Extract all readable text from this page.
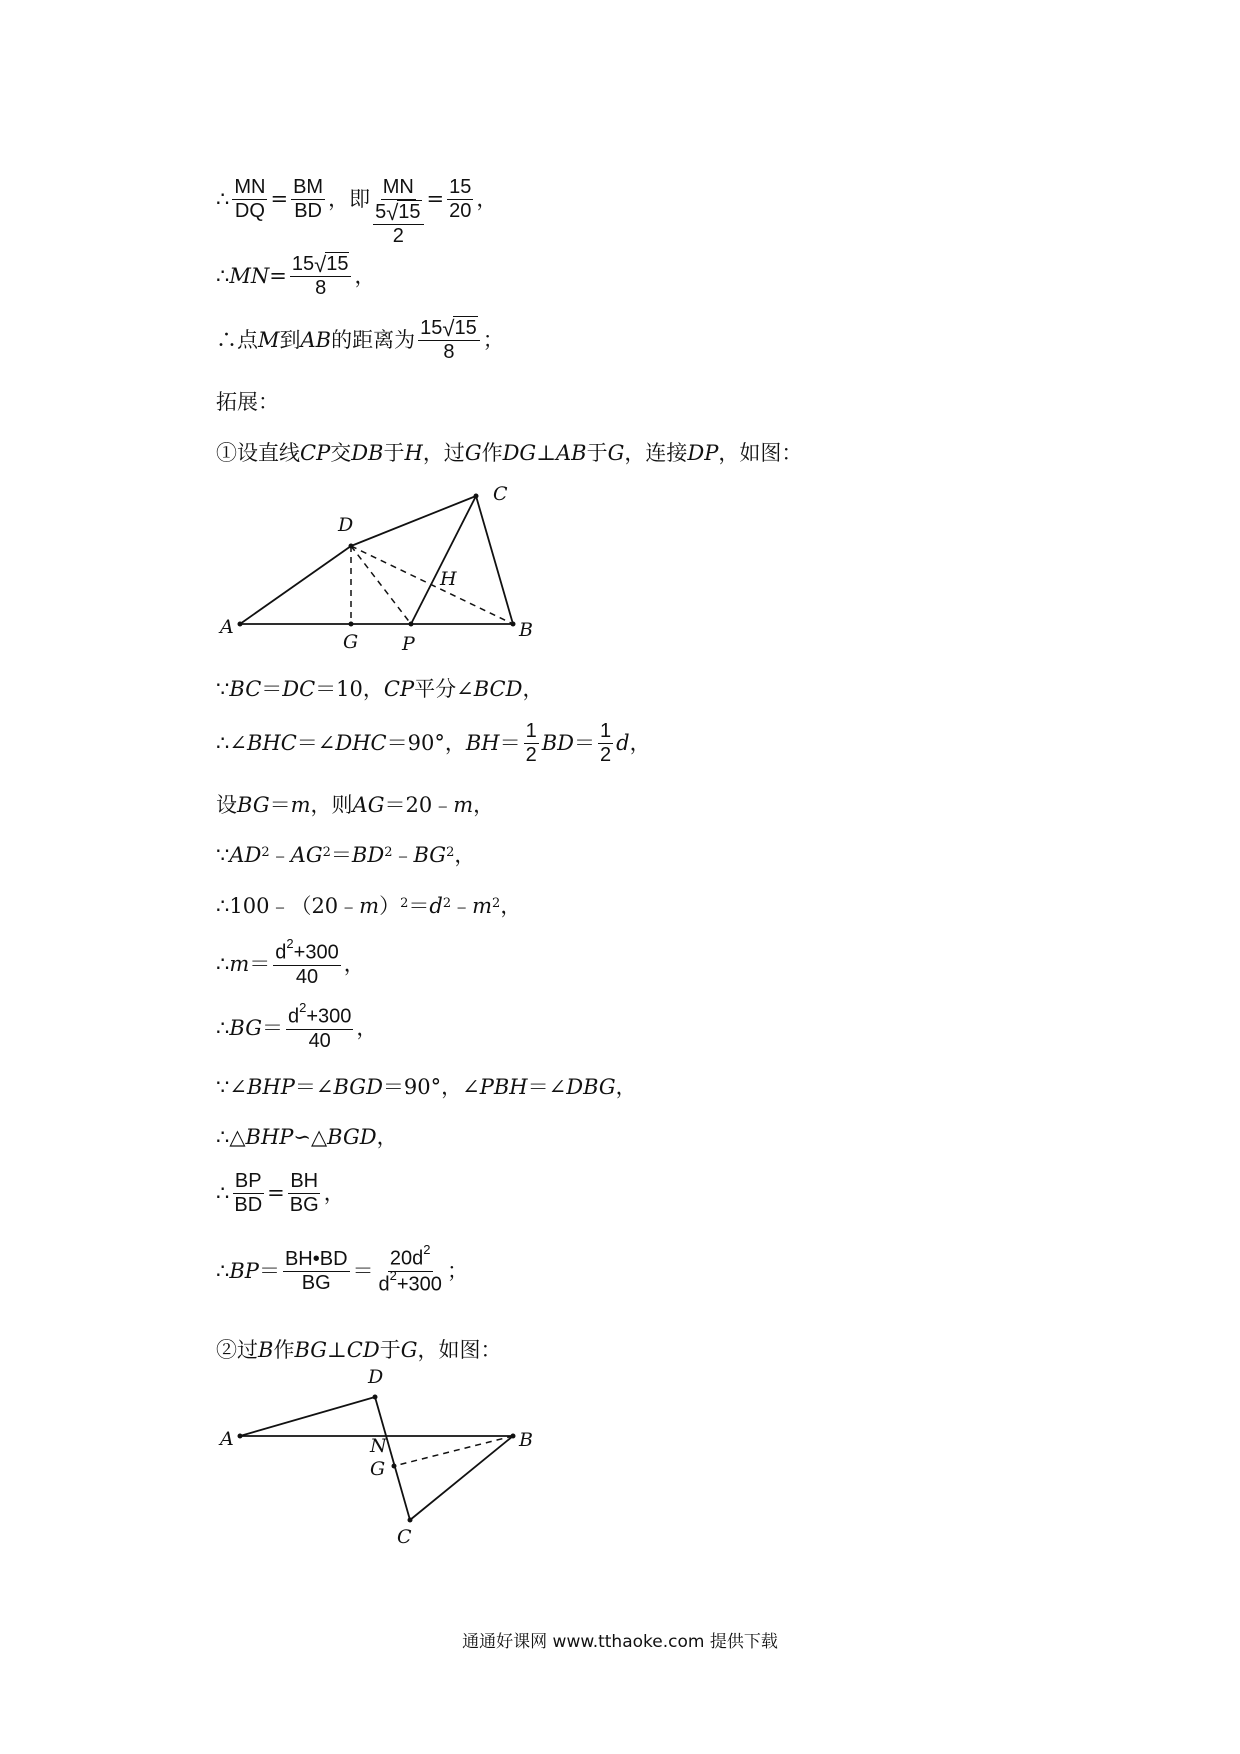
∴ $\frac{MN}{DQ} = \frac{BM}{BD}$ ，即 MN
5 √ 15
2
= $\frac{15}{20}$ ，
∴ MN = $\frac{15 √ 15}{8}$ ，
∴点 M 到 AB 的距离为 $\frac{15 √ 15}{8}$ ；
拓展：
①设直线 CP 交 DB 于 H ，过 G 作 DG ⊥ AB 于 G ，连接 DP ，如图：
A	B
C
D
G P
H
∵ BC ＝ DC ＝10， CP 平分∠ BCD ，
∴∠ BHC ＝∠ DHC ＝90°， BH ＝ $\frac{1}{2}$ BD ＝ $\frac{1}{2}$ d ，
设 BG ＝ m ，则 AG ＝20﹣ m ，
∵ $AD^2$ ﹣ $AG^2 = BD^2$ ﹣ $BG^2$ ，
∴100﹣（20﹣ m ）$^2 = d^2$ ﹣ $m^2$ ，
∴ $m = \frac{d^2+300}{40}$ ，
∴ BG ＝ $\frac{d^2+300}{40}$ ，
∵∠ BHP ＝∠ BGD ＝90°，∠ PBH ＝∠ DBG ，
∴△ BHP ∽ △ BGD ，
∴ $\frac{BP}{BD} = \frac{BH}{BG}$ ，
∴ BP ＝ $\frac{BH•BD}{BG} = \frac{20d^2}{d^2+300}$ ；
②过 B 作 BG ⊥ CD 于 G ，如图：
A	B
C
D
N
G
通通好课网 www.tthaoke.com 提供下载
